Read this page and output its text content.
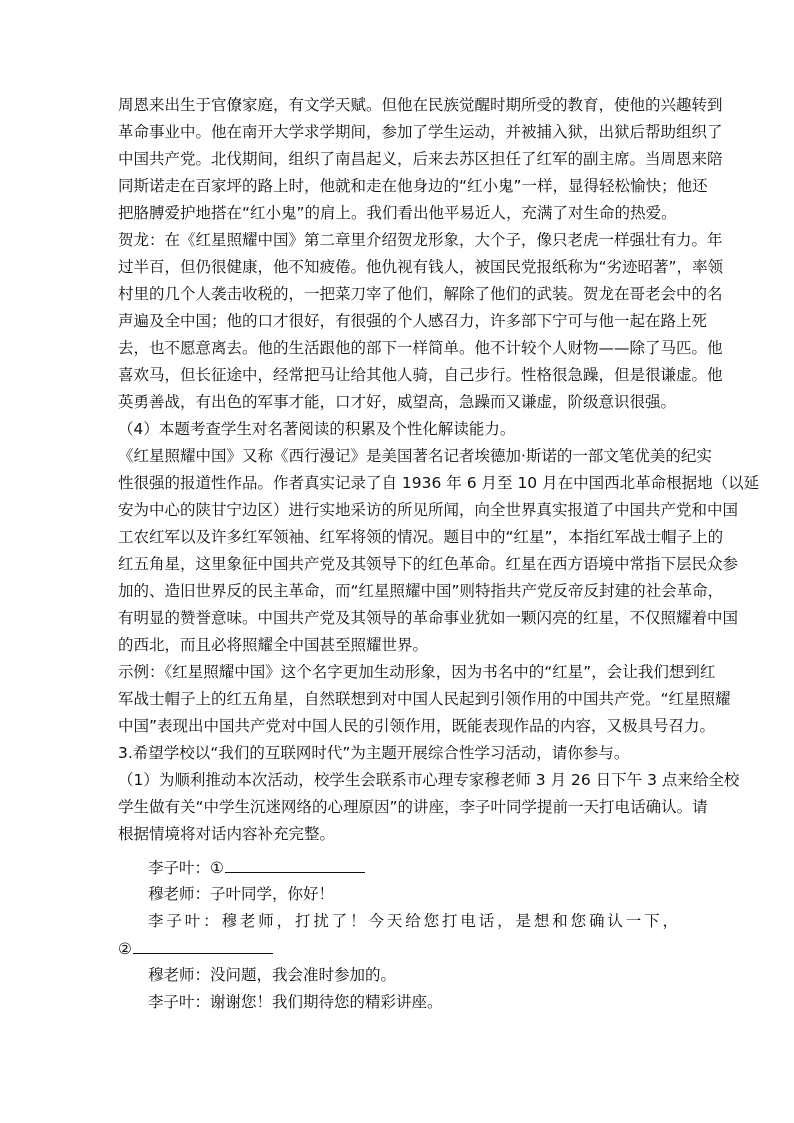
周恩来出生于官僚家庭，有文学天赋。但他在民族觉醒时期所受的教育，使他的兴趣转到
革命事业中。他在南开大学求学期间，参加了学生运动，并被捕入狱，出狱后帮助组织了
中国共产党。北伐期间，组织了南昌起义，后来去苏区担任了红军的副主席。当周恩来陪
同斯诺走在百家坪的路上时，他就和走在他身边的“红小鬼”一样，显得轻松愉快；他还
把胳膊爱护地搭在“红小鬼”的肩上。我们看出他平易近人，充满了对生命的热爱。
贺龙：在《红星照耀中国》第二章里介绍贺龙形象，大个子，像只老虎一样强壮有力。年
过半百，但仍很健康，他不知疲倦。他仇视有钱人，被国民党报纸称为“劣迹昭著”，率领
村里的几个人袭击收税的，一把菜刀宰了他们，解除了他们的武装。贺龙在哥老会中的名
声遍及全中国；他的口才很好，有很强的个人感召力，许多部下宁可与他一起在路上死
去，也不愿意离去。他的生活跟他的部下一样简单。他不计较个人财物——除了马匹。他
喜欢马，但长征途中，经常把马让给其他人骑，自己步行。性格很急躁，但是很谦虚。他
英勇善战，有出色的军事才能，口才好，威望高，急躁而又谦虚，阶级意识很强。
（4）本题考查学生对名著阅读的积累及个性化解读能力。
《红星照耀中国》又称《西行漫记》是美国著名记者埃德加·斯诺的一部文笔优美的纪实
性很强的报道性作品。作者真实记录了自 1936 年 6 月至 10 月在中国西北革命根据地（以延
安为中心的陕甘宁边区）进行实地采访的所见所闻，向全世界真实报道了中国共产党和中国
工农红军以及许多红军领袖、红军将领的情况。题目中的“红星”，本指红军战士帽子上的
红五角星，这里象征中国共产党及其领导下的红色革命。红星在西方语境中常指下层民众参
加的、造旧世界反的民主革命，而“红星照耀中国”则特指共产党反帝反封建的社会革命，
有明显的赞誉意味。中国共产党及其领导的革命事业犹如一颗闪亮的红星，不仅照耀着中国
的西北，而且必将照耀全中国甚至照耀世界。
示例：《红星照耀中国》这个名字更加生动形象，因为书名中的“红星”，会让我们想到红
军战士帽子上的红五角星，自然联想到对中国人民起到引领作用的中国共产党。“红星照耀
中国”表现出中国共产党对中国人民的引领作用，既能表现作品的内容，又极具号召力。
3.希望学校以“我们的互联网时代”为主题开展综合性学习活动，请你参与。
（1）为顺利推动本次活动，校学生会联系市心理专家穆老师 3 月 26 日下午 3 点来给全校
学生做有关“中学生沉迷网络的心理原因”的讲座，李子叶同学提前一天打电话确认。请
根据情境将对话内容补充完整。
李子叶：①
穆老师：子叶同学，你好！
李子叶：穆老师，打扰了！今天给您打电话，是想和您确认一下，
②
穆老师：没问题，我会准时参加的。
李子叶：谢谢您！我们期待您的精彩讲座。
